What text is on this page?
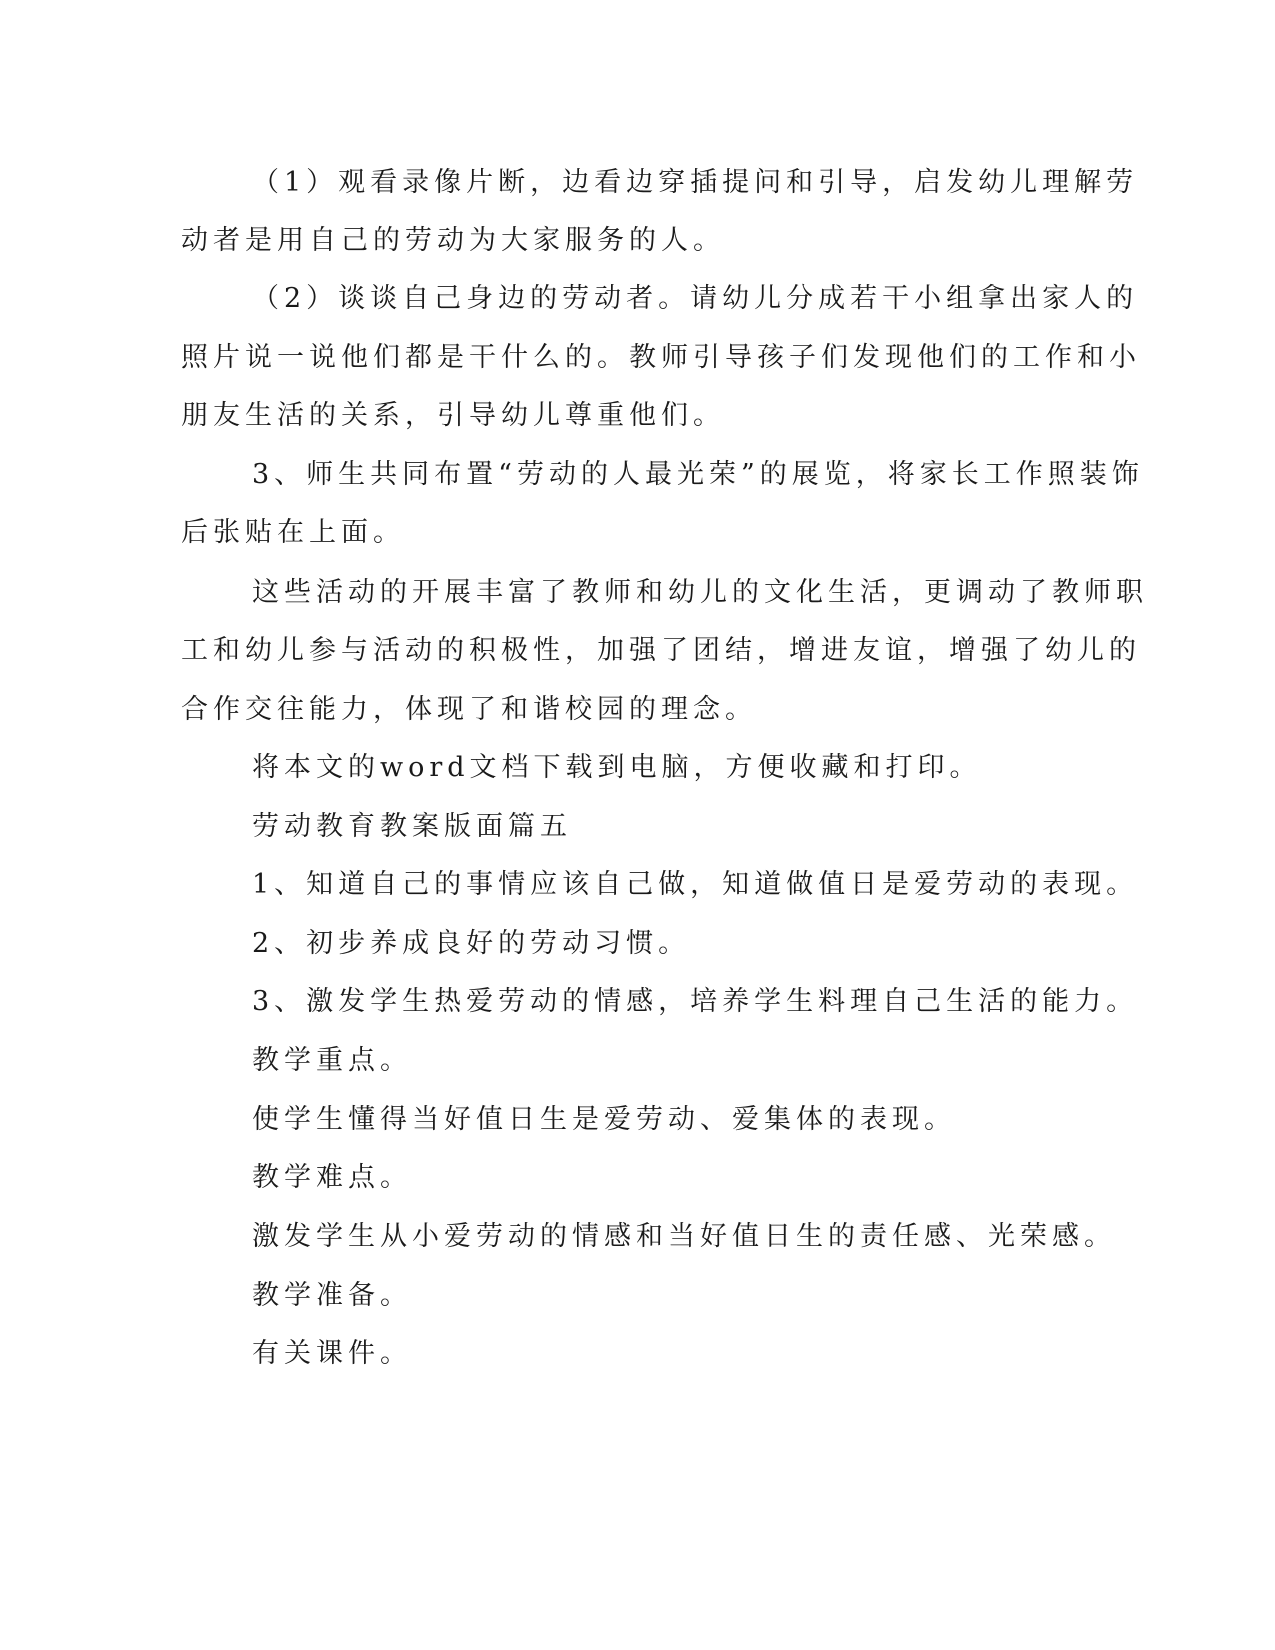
（1）观看录像片断，边看边穿插提问和引导，启发幼儿理解劳

动者是用自己的劳动为大家服务的人。

（2）谈谈自己身边的劳动者。请幼儿分成若干小组拿出家人的

照片说一说他们都是干什么的。教师引导孩子们发现他们的工作和小

朋友生活的关系，引导幼儿尊重他们。

3、师生共同布置“劳动的人最光荣”的展览，将家长工作照装饰

后张贴在上面。

这些活动的开展丰富了教师和幼儿的文化生活，更调动了教师职

工和幼儿参与活动的积极性，加强了团结，增进友谊，增强了幼儿的

合作交往能力，体现了和谐校园的理念。

将本文的word文档下载到电脑，方便收藏和打印。

劳动教育教案版面篇五

1、知道自己的事情应该自己做，知道做值日是爱劳动的表现。

2、初步养成良好的劳动习惯。

3、激发学生热爱劳动的情感，培养学生料理自己生活的能力。

教学重点。

使学生懂得当好值日生是爱劳动、爱集体的表现。

教学难点。

激发学生从小爱劳动的情感和当好值日生的责任感、光荣感。

教学准备。

有关课件。
